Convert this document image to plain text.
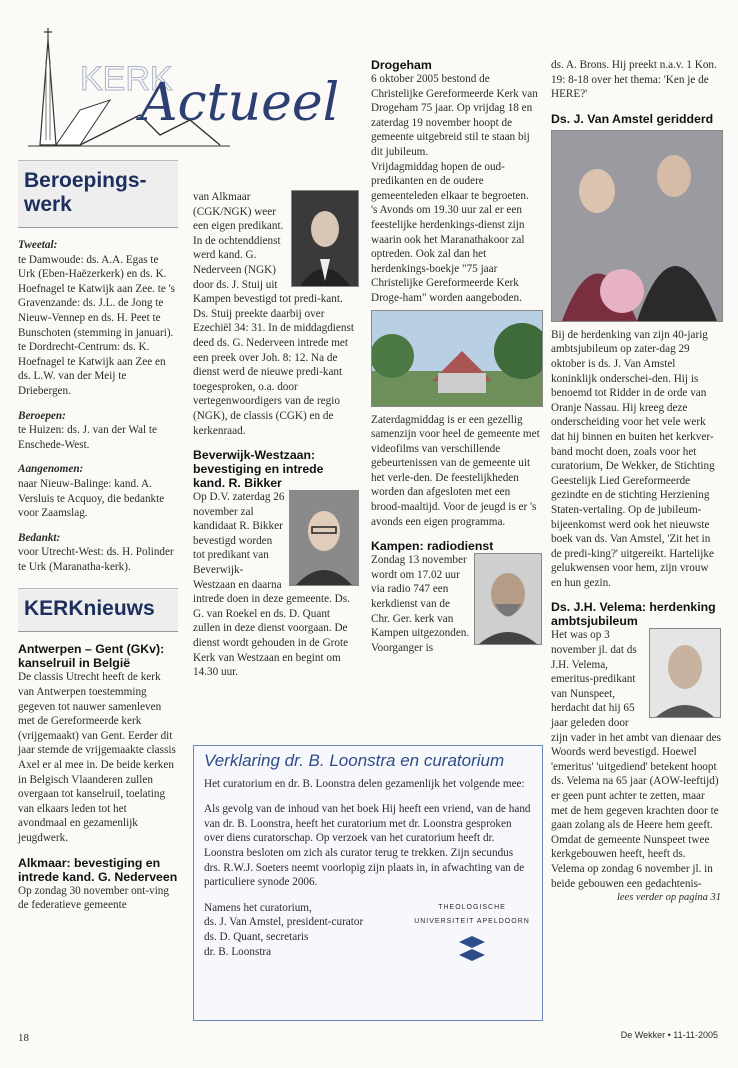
KERK
Actueel
Beroepings-werk

Tweetal:

te Damwoude: ds. A.A. Egas te Urk (Eben-Haëzerkerk) en ds. K. Hoefnagel te Katwijk aan Zee. te 's Gravenzande: ds. J.L. de Jong te Nieuw-Vennep en ds. H. Peet te Bunschoten (stemming in januari). te Dordrecht-Centrum: ds. K. Hoefnagel te Katwijk aan Zee en ds. L.W. van der Meij te Driebergen.

Beroepen:

te Huizen: ds. J. van der Wal te Enschede-West.

Aangenomen:

naar Nieuw-Balinge: kand. A. Versluis te Acquoy, die bedankte voor Zaamslag.

Bedankt:

voor Utrecht-West: ds. H. Polinder te Urk (Maranatha-kerk).

KERKnieuws

Antwerpen – Gent (GKv): kanselruil in België

De classis Utrecht heeft de kerk van Antwerpen toestemming gegeven tot nauwer samenleven met de Gereformeerde kerk (vrijgemaakt) van Gent. Eerder dit jaar stemde de vrijgemaakte classis Axel er al mee in. De beide kerken in Belgisch Vlaanderen zullen overgaan tot kanselruil, toelating van elkaars leden tot het avondmaal en gezamenlijk jeugdwerk.

Alkmaar: bevestiging en intrede kand. G. Nederveen

Op zondag 30 november ont-ving de federatieve gemeente

van Alkmaar (CGK/NGK) weer een eigen predikant. In de ochtenddienst werd kand. G. Nederveen (NGK) door ds. J. Stuij uit Kampen bevestigd tot predi-kant. Ds. Stuij preekte daarbij over Ezechiël 34: 31. In de middagdienst deed ds. G. Nederveen intrede met een preek over Joh. 8: 12. Na de dienst werd de nieuwe predi-kant toegesproken, o.a. door vertegenwoordigers van de regio (NGK), de classis (CGK) en de kerkenraad.

Beverwijk-Westzaan: bevestiging en intrede kand. R. Bikker

Op D.V. zaterdag 26 november zal kandidaat R. Bikker bevestigd worden tot predikant van Beverwijk-Westzaan en daarna intrede doen in deze gemeente. Ds. G. van Roekel en ds. D. Quant zullen in deze dienst voorgaan. De dienst wordt gehouden in de Grote Kerk van Westzaan en begint om 14.30 uur.

Drogeham

6 oktober 2005 bestond de Christelijke Gereformeerde Kerk van Drogeham 75 jaar. Op vrijdag 18 en zaterdag 19 november hoopt de gemeente uitgebreid stil te staan bij dit jubileum.

Vrijdagmiddag hopen de oud-predikanten en de oudere gemeenteleden elkaar te begroeten.

's Avonds om 19.30 uur zal er een feestelijke herdenkings-dienst zijn waarin ook het Maranathakoor zal optreden. Ook zal dan het herdenkings-boekje "75 jaar Christelijke Gereformeerde Kerk Droge-ham" worden aangeboden.

Zaterdagmiddag is er een gezellig samenzijn voor heel de gemeente met videofilms van verschillende gebeurtenissen van de gemeente uit het verle-den. De feestelijkheden worden dan afgesloten met een brood-maaltijd. Voor de jeugd is er 's avonds een eigen programma.

Kampen: radiodienst

Zondag 13 november wordt om 17.02 uur via radio 747 een kerkdienst van de Chr. Ger. kerk van Kampen uitgezonden. Voorganger is

ds. A. Brons. Hij preekt n.a.v. 1 Kon. 19: 8-18 over het thema: 'Ken je de HERE?'

Ds. J. Van Amstel geridderd

Bij de herdenking van zijn 40-jarig ambtsjubileum op zater-dag 29 oktober is ds. J. Van Amstel koninklijk onderschei-den. Hij is benoemd tot Ridder in de orde van Oranje Nassau. Hij kreeg deze onderscheiding voor het vele werk dat hij binnen en buiten het kerkver-band mocht doen, zoals voor het curatorium, De Wekker, de Stichting Geestelijk Lied Gereformeerde gezindte en de stichting Herziening Staten-vertaling. Op de jubileum-bijeenkomst werd ook het nieuwste boek van ds. Van Amstel, 'Zit het in de predi-king?' uitgereikt. Hartelijke gelukwensen voor hem, zijn vrouw en hun gezin.

Ds. J.H. Velema: herdenking ambtsjubileum

Het was op 3 november jl. dat ds J.H. Velema, emeritus-predikant van Nunspeet, herdacht dat hij 65 jaar geleden door zijn vader in het ambt van dienaar des Woords werd bevestigd. Hoewel 'emeritus' 'uitgediend' betekent hoopt ds. Velema na 65 jaar (AOW-leeftijd) er geen punt achter te zetten, maar met de hem gegeven krachten door te gaan zolang als de Heere hem geeft. Omdat de gemeente Nunspeet twee kerkgebouwen heeft, heeft ds. Velema op zondag 6 november jl. in beide gebouwen een gedachtenis-

lees verder op pagina 31

Verklaring dr. B. Loonstra en curatorium

Het curatorium en dr. B. Loonstra delen gezamenlijk het volgende mee:

Als gevolg van de inhoud van het boek Hij heeft een vriend, van de hand van dr. B. Loonstra, heeft het curatorium met dr. Loonstra gesproken over diens curatorschap. Op verzoek van het curatorium heeft dr. Loonstra besloten om zich als curator terug te trekken. Zijn secundus drs. R.W.J. Soeters neemt voorlopig zijn plaats in, in afwachting van de particuliere synode 2006.

Namens het curatorium,
ds. J. Van Amstel, president-curator
ds. D. Quant, secretaris
dr. B. Loonstra
THEOLOGISCHE UNIVERSITEIT APELDOORN
18	De Wekker • 11-11-2005
